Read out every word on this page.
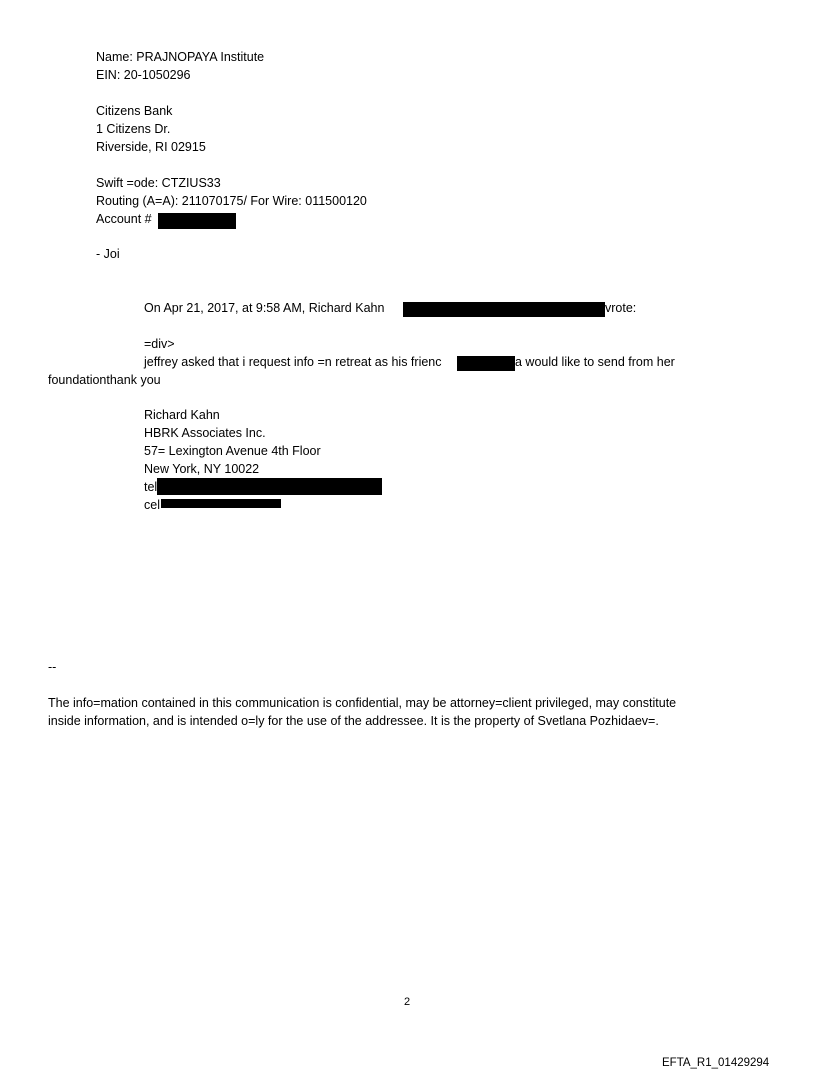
Name: PRAJNOPAYA Institute
EIN: 20-1050296
Citizens Bank
1 Citizens Dr.
Riverside, RI 02915
Swift =ode: CTZIUS33
Routing (A=A): 211070175/ For Wire: 011500120
Account #
- Joi
On Apr 21, 2017, at 9:58 AM, Richard Kahn	vrote:
=div>
jeffrey asked that i request info =n retreat as his frienc	a would like to send from her
foundationthank you
Richard Kahn
HBRK Associates Inc.
57= Lexington Avenue 4th Floor
New York, NY 10022
tel
cel
--
The info=mation contained in this communication is confidential, may be attorney=client privileged, may constitute
inside information, and is intended o=ly for the use of the addressee. It is the property of Svetlana Pozhidaev=.
2
EFTA_R1_01429294
